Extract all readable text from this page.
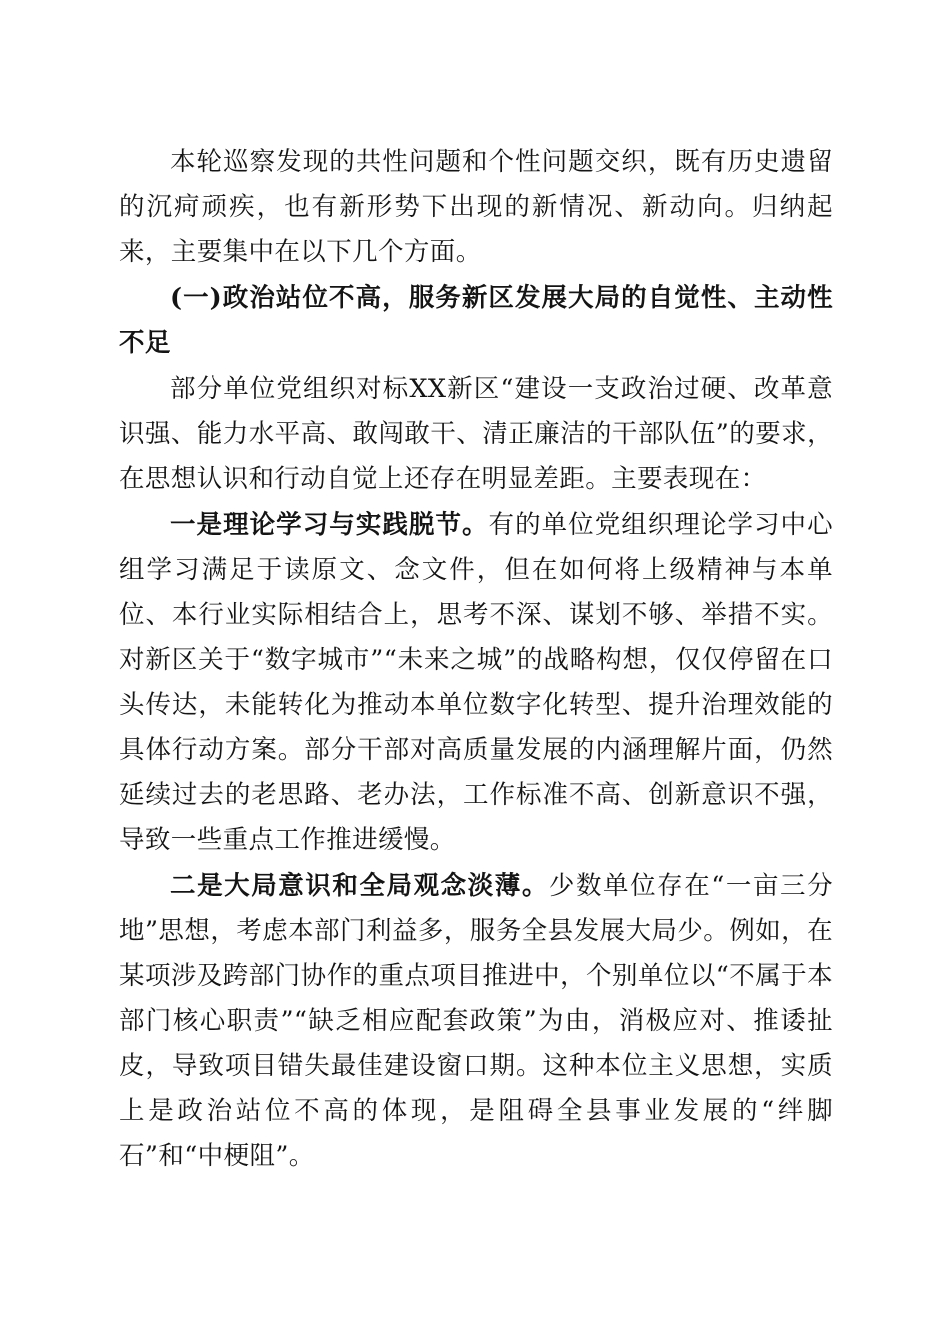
本轮巡察发现的共性问题和个性问题交织，既有历史遗留的沉疴顽疾，也有新形势下出现的新情况、新动向。归纳起来，主要集中在以下几个方面。

(一)政治站位不高，服务新区发展大局的自觉性、主动性不足

部分单位党组织对标XX新区“建设一支政治过硬、改革意识强、能力水平高、敢闯敢干、清正廉洁的干部队伍”的要求，在思想认识和行动自觉上还存在明显差距。主要表现在：

一是理论学习与实践脱节。有的单位党组织理论学习中心组学习满足于读原文、念文件，但在如何将上级精神与本单位、本行业实际相结合上，思考不深、谋划不够、举措不实。对新区关于“数字城市”“未来之城”的战略构想，仅仅停留在口头传达，未能转化为推动本单位数字化转型、提升治理效能的具体行动方案。部分干部对高质量发展的内涵理解片面，仍然延续过去的老思路、老办法，工作标准不高、创新意识不强，导致一些重点工作推进缓慢。

二是大局意识和全局观念淡薄。少数单位存在“一亩三分地”思想，考虑本部门利益多，服务全县发展大局少。例如，在某项涉及跨部门协作的重点项目推进中，个别单位以“不属于本部门核心职责”“缺乏相应配套政策”为由，消极应对、推诿扯皮，导致项目错失最佳建设窗口期。这种本位主义思想，实质上是政治站位不高的体现，是阻碍全县事业发展的“绊脚石”和“中梗阻”。
